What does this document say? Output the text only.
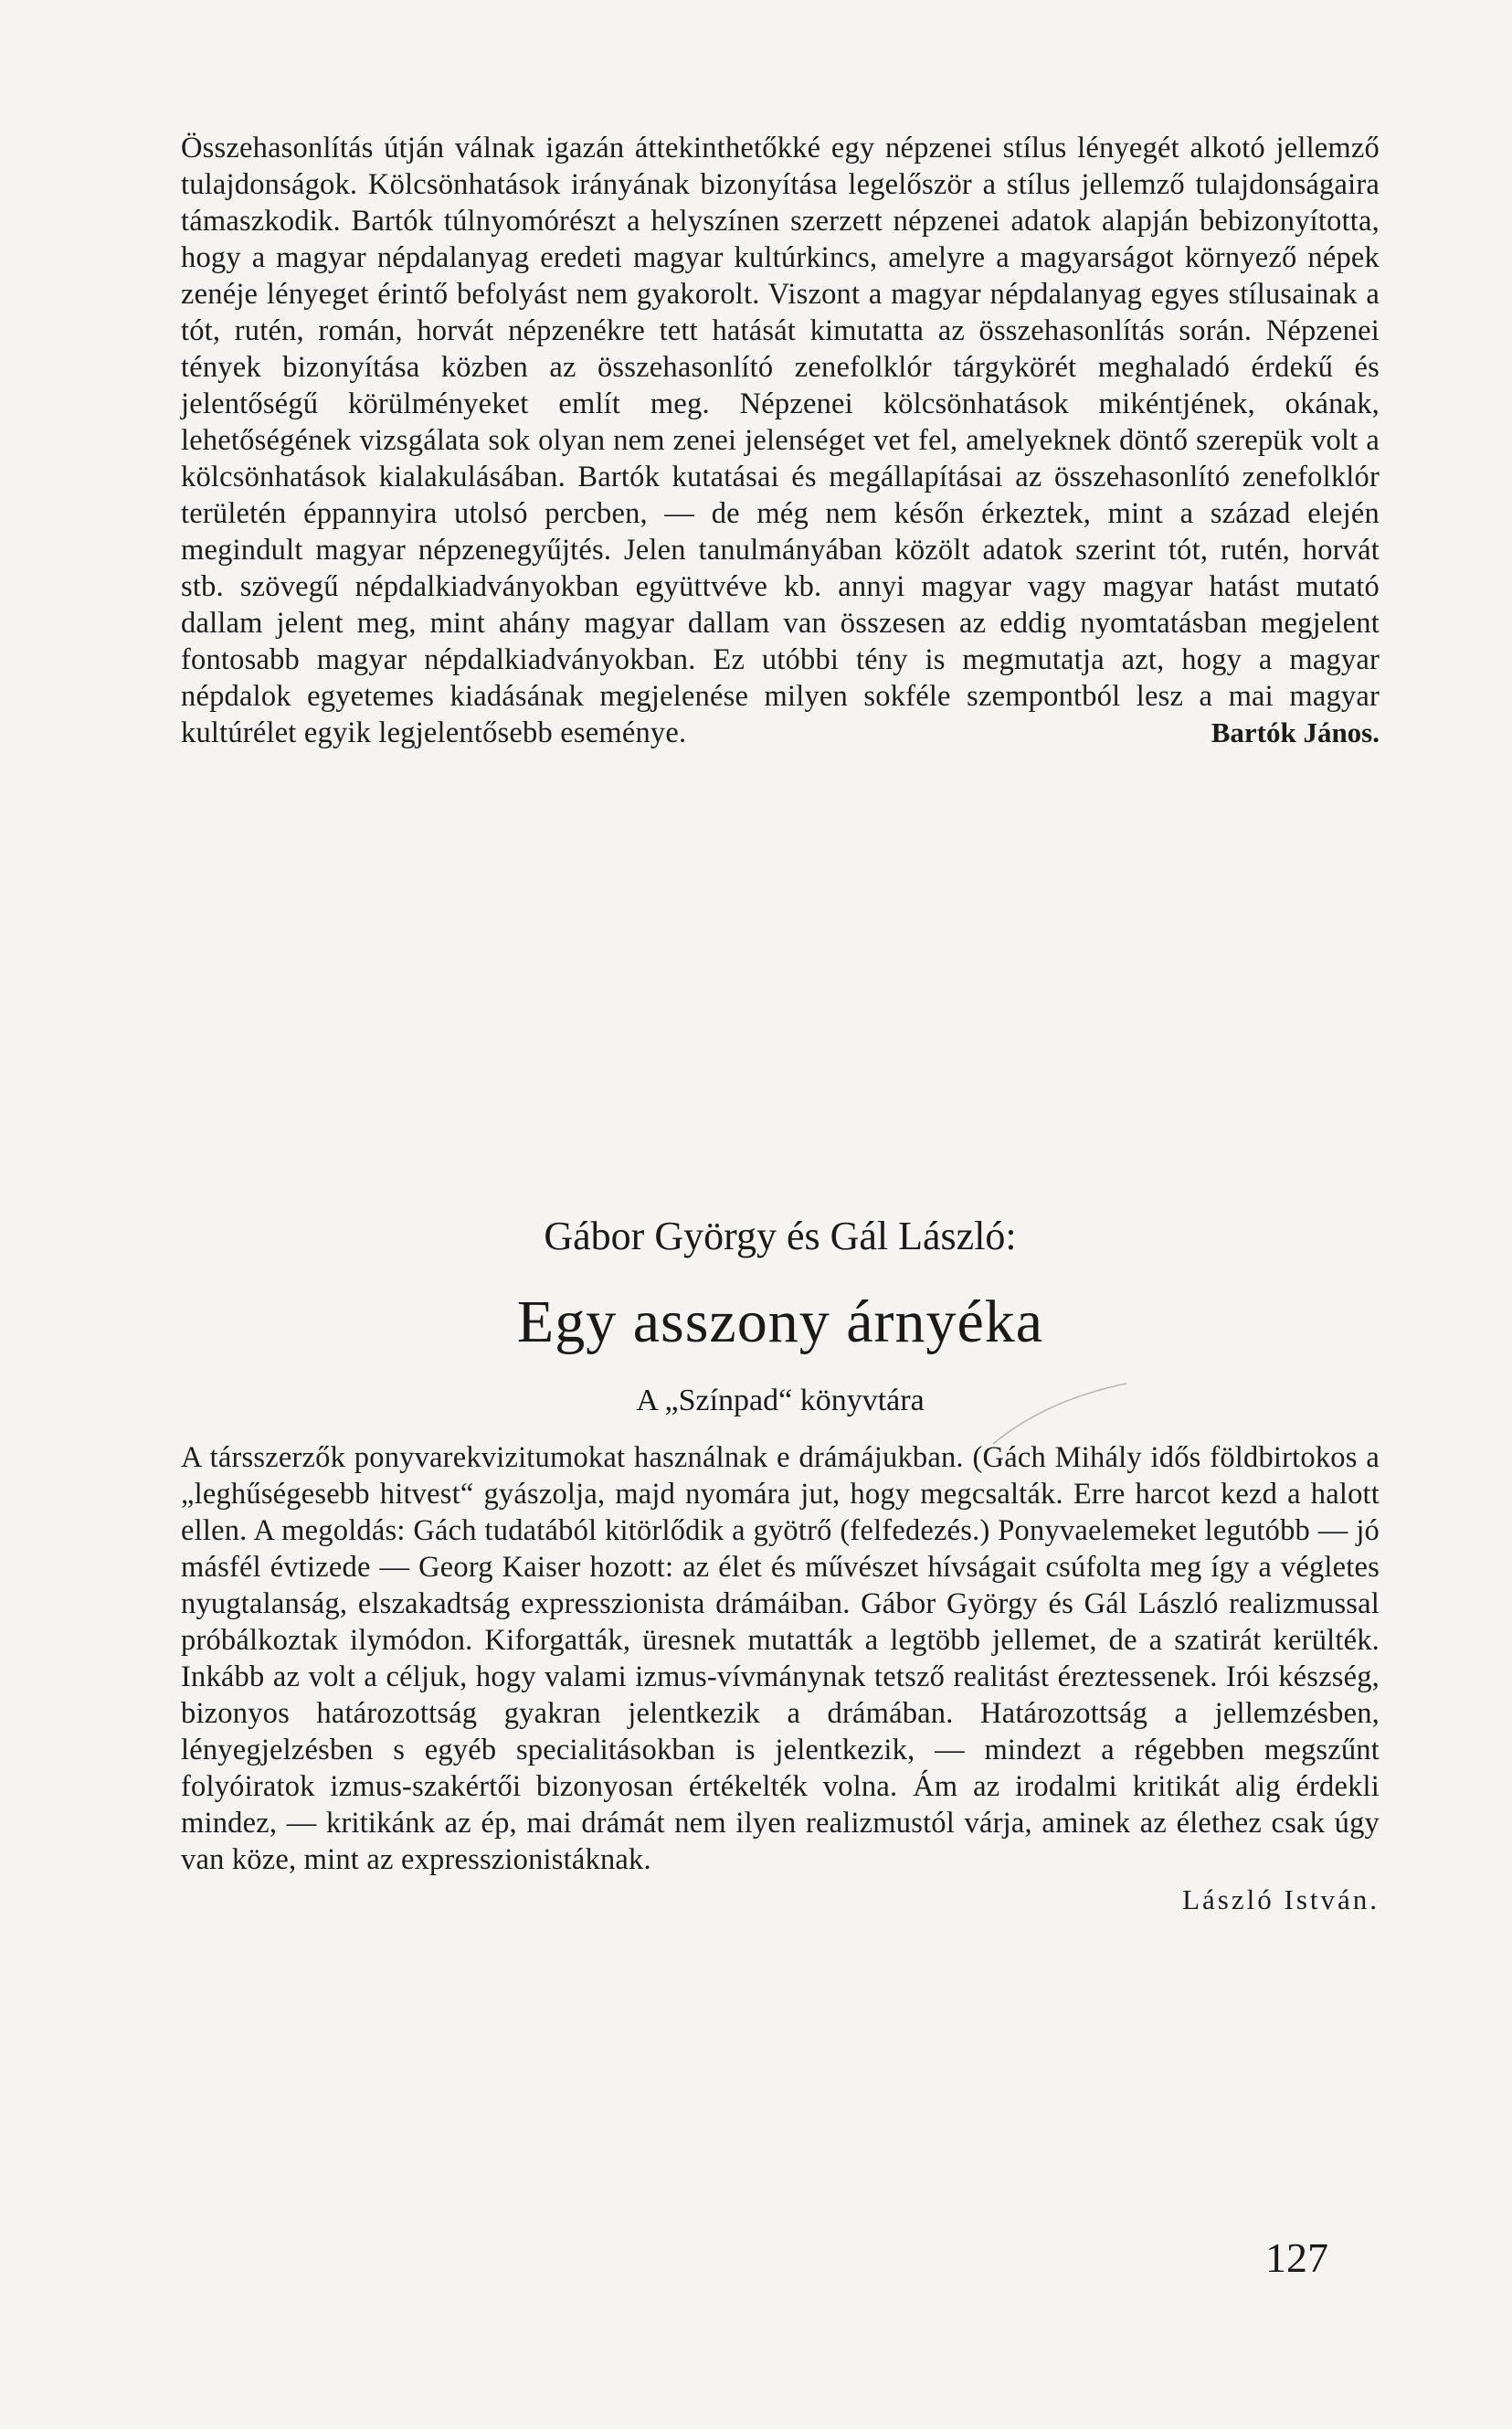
Összehasonlítás útján válnak igazán áttekinthetőkké egy népzenei stílus lényegét alkotó jellemző tulajdonságok. Kölcsönhatások irányának bizonyítása legelőször a stílus jellemző tulajdonságaira támaszkodik. Bartók túlnyomórészt a helyszínen szerzett népzenei adatok alapján bebizonyította, hogy a magyar népdalanyag eredeti magyar kultúrkincs, amelyre a magyarságot környező népek zenéje lényeget érintő befolyást nem gyakorolt. Viszont a magyar népdalanyag egyes stílusainak a tót, rutén, román, horvát népzenékre tett hatását kimutatta az összehasonlítás során. Népzenei tények bizonyítása közben az összehasonlító zenefolklór tárgykörét meghaladó érdekű és jelentőségű körülményeket említ meg. Népzenei kölcsönhatások mikéntjének, okának, lehetőségének vizsgálata sok olyan nem zenei jelenséget vet fel, amelyeknek döntő szerepük volt a kölcsönhatások kialakulásában. Bartók kutatásai és megállapításai az összehasonlító zenefolklór területén éppannyira utolsó percben, — de még nem későn érkeztek, mint a század elején megindult magyar népzenegyűjtés. Jelen tanulmányában közölt adatok szerint tót, rutén, horvát stb. szövegű népdalkiadványokban együttvéve kb. annyi magyar vagy magyar hatást mutató dallam jelent meg, mint ahány magyar dallam van összesen az eddig nyomtatásban megjelent fontosabb magyar népdalkiadványokban. Ez utóbbi tény is megmutatja azt, hogy a magyar népdalok egyetemes kiadásának megjelenése milyen sokféle szempontból lesz a mai magyar kultúrélet egyik legjelentősebb eseménye.	Bartók János.

Gábor György és Gál László:

Egy asszony árnyéka

A „Színpad“ könyvtára

A társszerzők ponyvarekvizitumokat használnak e drámájukban. (Gách Mihály idős földbirtokos a „leghűségesebb hitvest“ gyászolja, majd nyomára jut, hogy megcsalták. Erre harcot kezd a halott ellen. A megoldás: Gách tudatából kitörlődik a gyötrő (felfedezés.) Ponyvaelemeket legutóbb — jó másfél évtizede — Georg Kaiser hozott: az élet és művészet hívságait csúfolta meg így a végletes nyugtalanság, elszakadtság expresszionista drámáiban. Gábor György és Gál László realizmussal próbálkoztak ilymódon. Kiforgatták, üresnek mutatták a legtöbb jellemet, de a szatirát kerülték. Inkább az volt a céljuk, hogy valami izmus-vívmánynak tetsző realitást éreztessenek. Irói készség, bizonyos határozottság gyakran jelentkezik a drámában. Határozottság a jellemzésben, lényegjelzésben s egyéb specialitásokban is jelentkezik, — mindezt a régebben megszűnt folyóiratok izmus-szakértői bizonyosan értékelték volna. Ám az irodalmi kritikát alig érdekli mindez, — kritikánk az ép, mai drámát nem ilyen realizmustól várja, aminek az élethez csak úgy van köze, mint az expresszionistáknak.

László István.

127
